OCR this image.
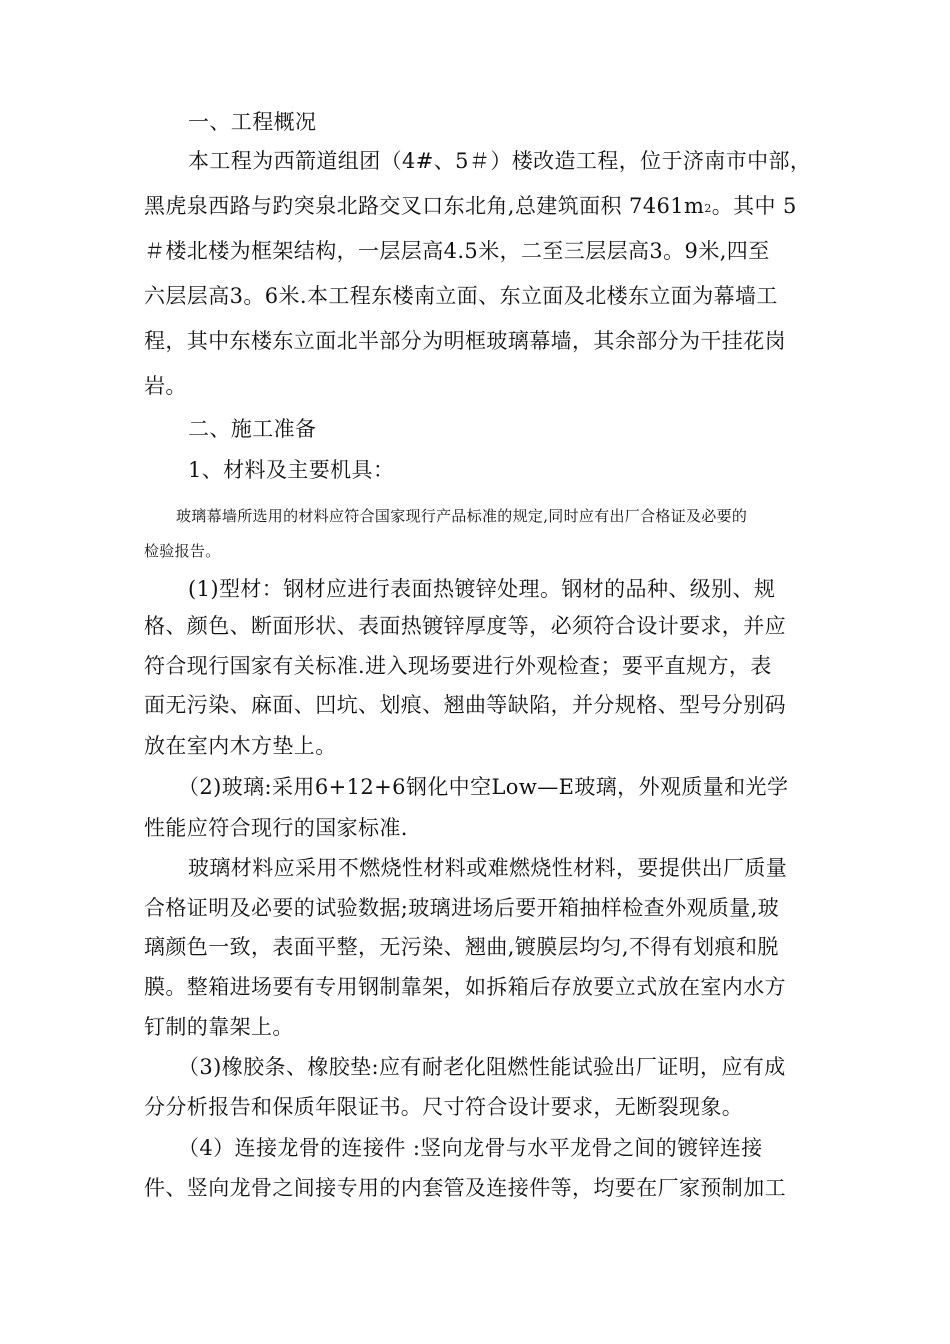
一、工程概况
本工程为西箭道组团（4#、5＃）楼改造工程，位于济南市中部，
黑虎泉西路与趵突泉北路交叉口东北角,总建筑面积 7461m2。其中 5
＃楼北楼为框架结构，一层层高4.5米，二至三层层高3。9米,四至
六层层高3。6米.本工程东楼南立面、东立面及北楼东立面为幕墙工
程，其中东楼东立面北半部分为明框玻璃幕墙，其余部分为干挂花岗
岩。
二、施工准备
1、材料及主要机具：
玻璃幕墙所选用的材料应符合国家现行产品标准的规定,同时应有出厂合格证及必要的
检验报告。
(1)型材：钢材应进行表面热镀锌处理。钢材的品种、级别、规
格、颜色、断面形状、表面热镀锌厚度等，必须符合设计要求，并应
符合现行国家有关标准.进入现场要进行外观检查；要平直规方，表
面无污染、麻面、凹坑、划痕、翘曲等缺陷，并分规格、型号分别码
放在室内木方垫上。
（2)玻璃:采用6+12+6钢化中空Low—E玻璃，外观质量和光学
性能应符合现行的国家标准.
玻璃材料应采用不燃烧性材料或难燃烧性材料，要提供出厂质量
合格证明及必要的试验数据;玻璃进场后要开箱抽样检查外观质量,玻
璃颜色一致，表面平整，无污染、翘曲,镀膜层均匀,不得有划痕和脱
膜。整箱进场要有专用钢制靠架，如拆箱后存放要立式放在室内水方
钉制的靠架上。
（3)橡胶条、橡胶垫:应有耐老化阻燃性能试验出厂证明，应有成
分分析报告和保质年限证书。尺寸符合设计要求，无断裂现象。
（4）连接龙骨的连接件 :竖向龙骨与水平龙骨之间的镀锌连接
件、竖向龙骨之间接专用的内套管及连接件等，均要在厂家预制加工
